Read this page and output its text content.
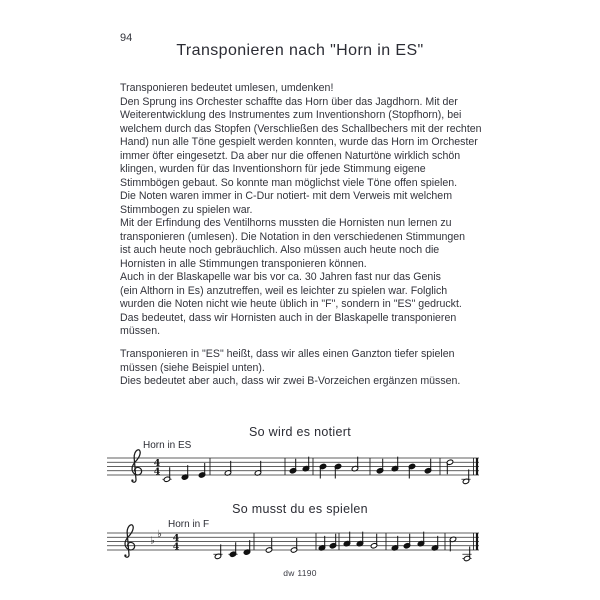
94
Transponieren nach "Horn in ES"
Transponieren bedeutet umlesen, umdenken!
Den Sprung ins Orchester schaffte das Horn über das Jagdhorn. Mit der
Weiterentwicklung des Instrumentes zum Inventionshorn (Stopfhorn), bei
welchem durch das Stopfen (Verschließen des Schallbechers mit der rechten
Hand) nun alle Töne gespielt werden konnten, wurde das Horn im Orchester
immer öfter eingesetzt. Da aber nur die offenen Naturtöne wirklich schön
klingen, wurden für das Inventionshorn für jede Stimmung eigene
Stimmbögen gebaut. So konnte man möglichst viele Töne offen spielen.
Die Noten waren immer in C-Dur notiert- mit dem Verweis mit welchem
Stimmbogen zu spielen war.
Mit der Erfindung des Ventilhorns mussten die Hornisten nun lernen zu
transponieren (umlesen). Die Notation in den verschiedenen Stimmungen
ist auch heute noch gebräuchlich. Also müssen auch heute noch die
Hornisten in alle Stimmungen transponieren können.
Auch in der Blaskapelle war bis vor ca. 30 Jahren fast nur das Genis
(ein Althorn in Es) anzutreffen, weil es leichter zu spielen war. Folglich
wurden die Noten nicht wie heute üblich in "F", sondern in "ES" gedruckt.
Das bedeutet, dass wir Hornisten auch in der Blaskapelle transponieren
müssen.
Transponieren in "ES" heißt, dass wir alles einen Ganzton tiefer spielen
müssen (siehe Beispiel unten).
Dies bedeutet aber auch, dass wir zwei B-Vorzeichen ergänzen müssen.
So wird es notiert
Horn in ES
So musst du es spielen
Horn in F
4
4
♭
♭ 4
4
dw 1190
